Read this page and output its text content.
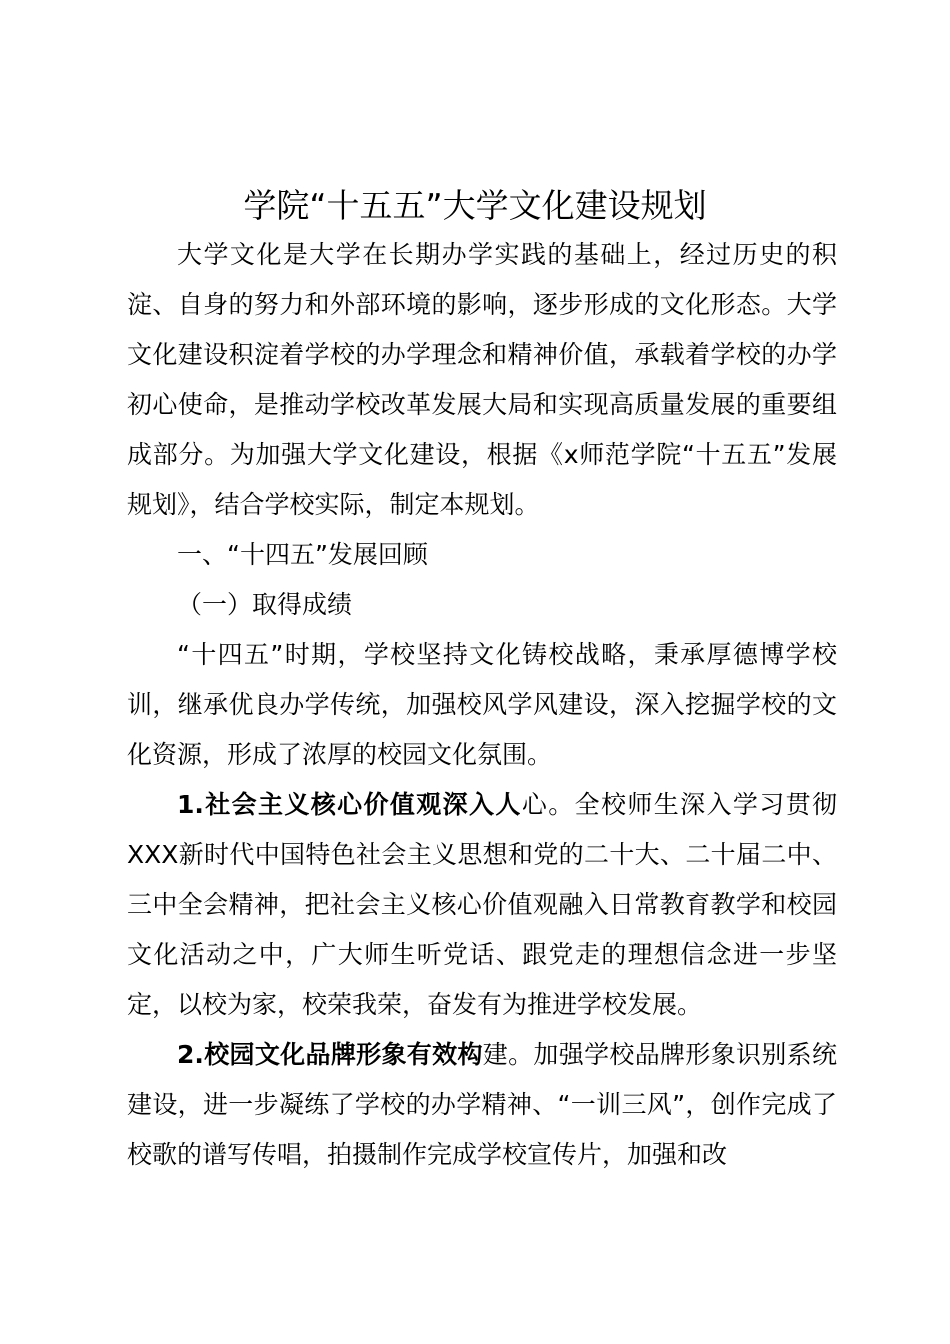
学院“十五五”大学文化建设规划

大学文化是大学在长期办学实践的基础上，经过历史的积淀、自身的努力和外部环境的影响，逐步形成的文化形态。大学文化建设积淀着学校的办学理念和精神价值，承载着学校的办学初心使命，是推动学校改革发展大局和实现高质量发展的重要组成部分。为加强大学文化建设，根据《x师范学院“十五五”发展规划》，结合学校实际，制定本规划。

一、“十四五”发展回顾

（一）取得成绩

“十四五”时期，学校坚持文化铸校战略，秉承厚德博学校训，继承优良办学传统，加强校风学风建设，深入挖掘学校的文化资源，形成了浓厚的校园文化氛围。

1.社会主义核心价值观深入人心。全校师生深入学习贯彻XXX新时代中国特色社会主义思想和党的二十大、二十届二中、三中全会精神，把社会主义核心价值观融入日常教育教学和校园文化活动之中，广大师生听党话、跟党走的理想信念进一步坚定，以校为家，校荣我荣，奋发有为推进学校发展。

2.校园文化品牌形象有效构建。加强学校品牌形象识别系统建设，进一步凝练了学校的办学精神、“一训三风”，创作完成了校歌的谱写传唱，拍摄制作完成学校宣传片，加强和改
